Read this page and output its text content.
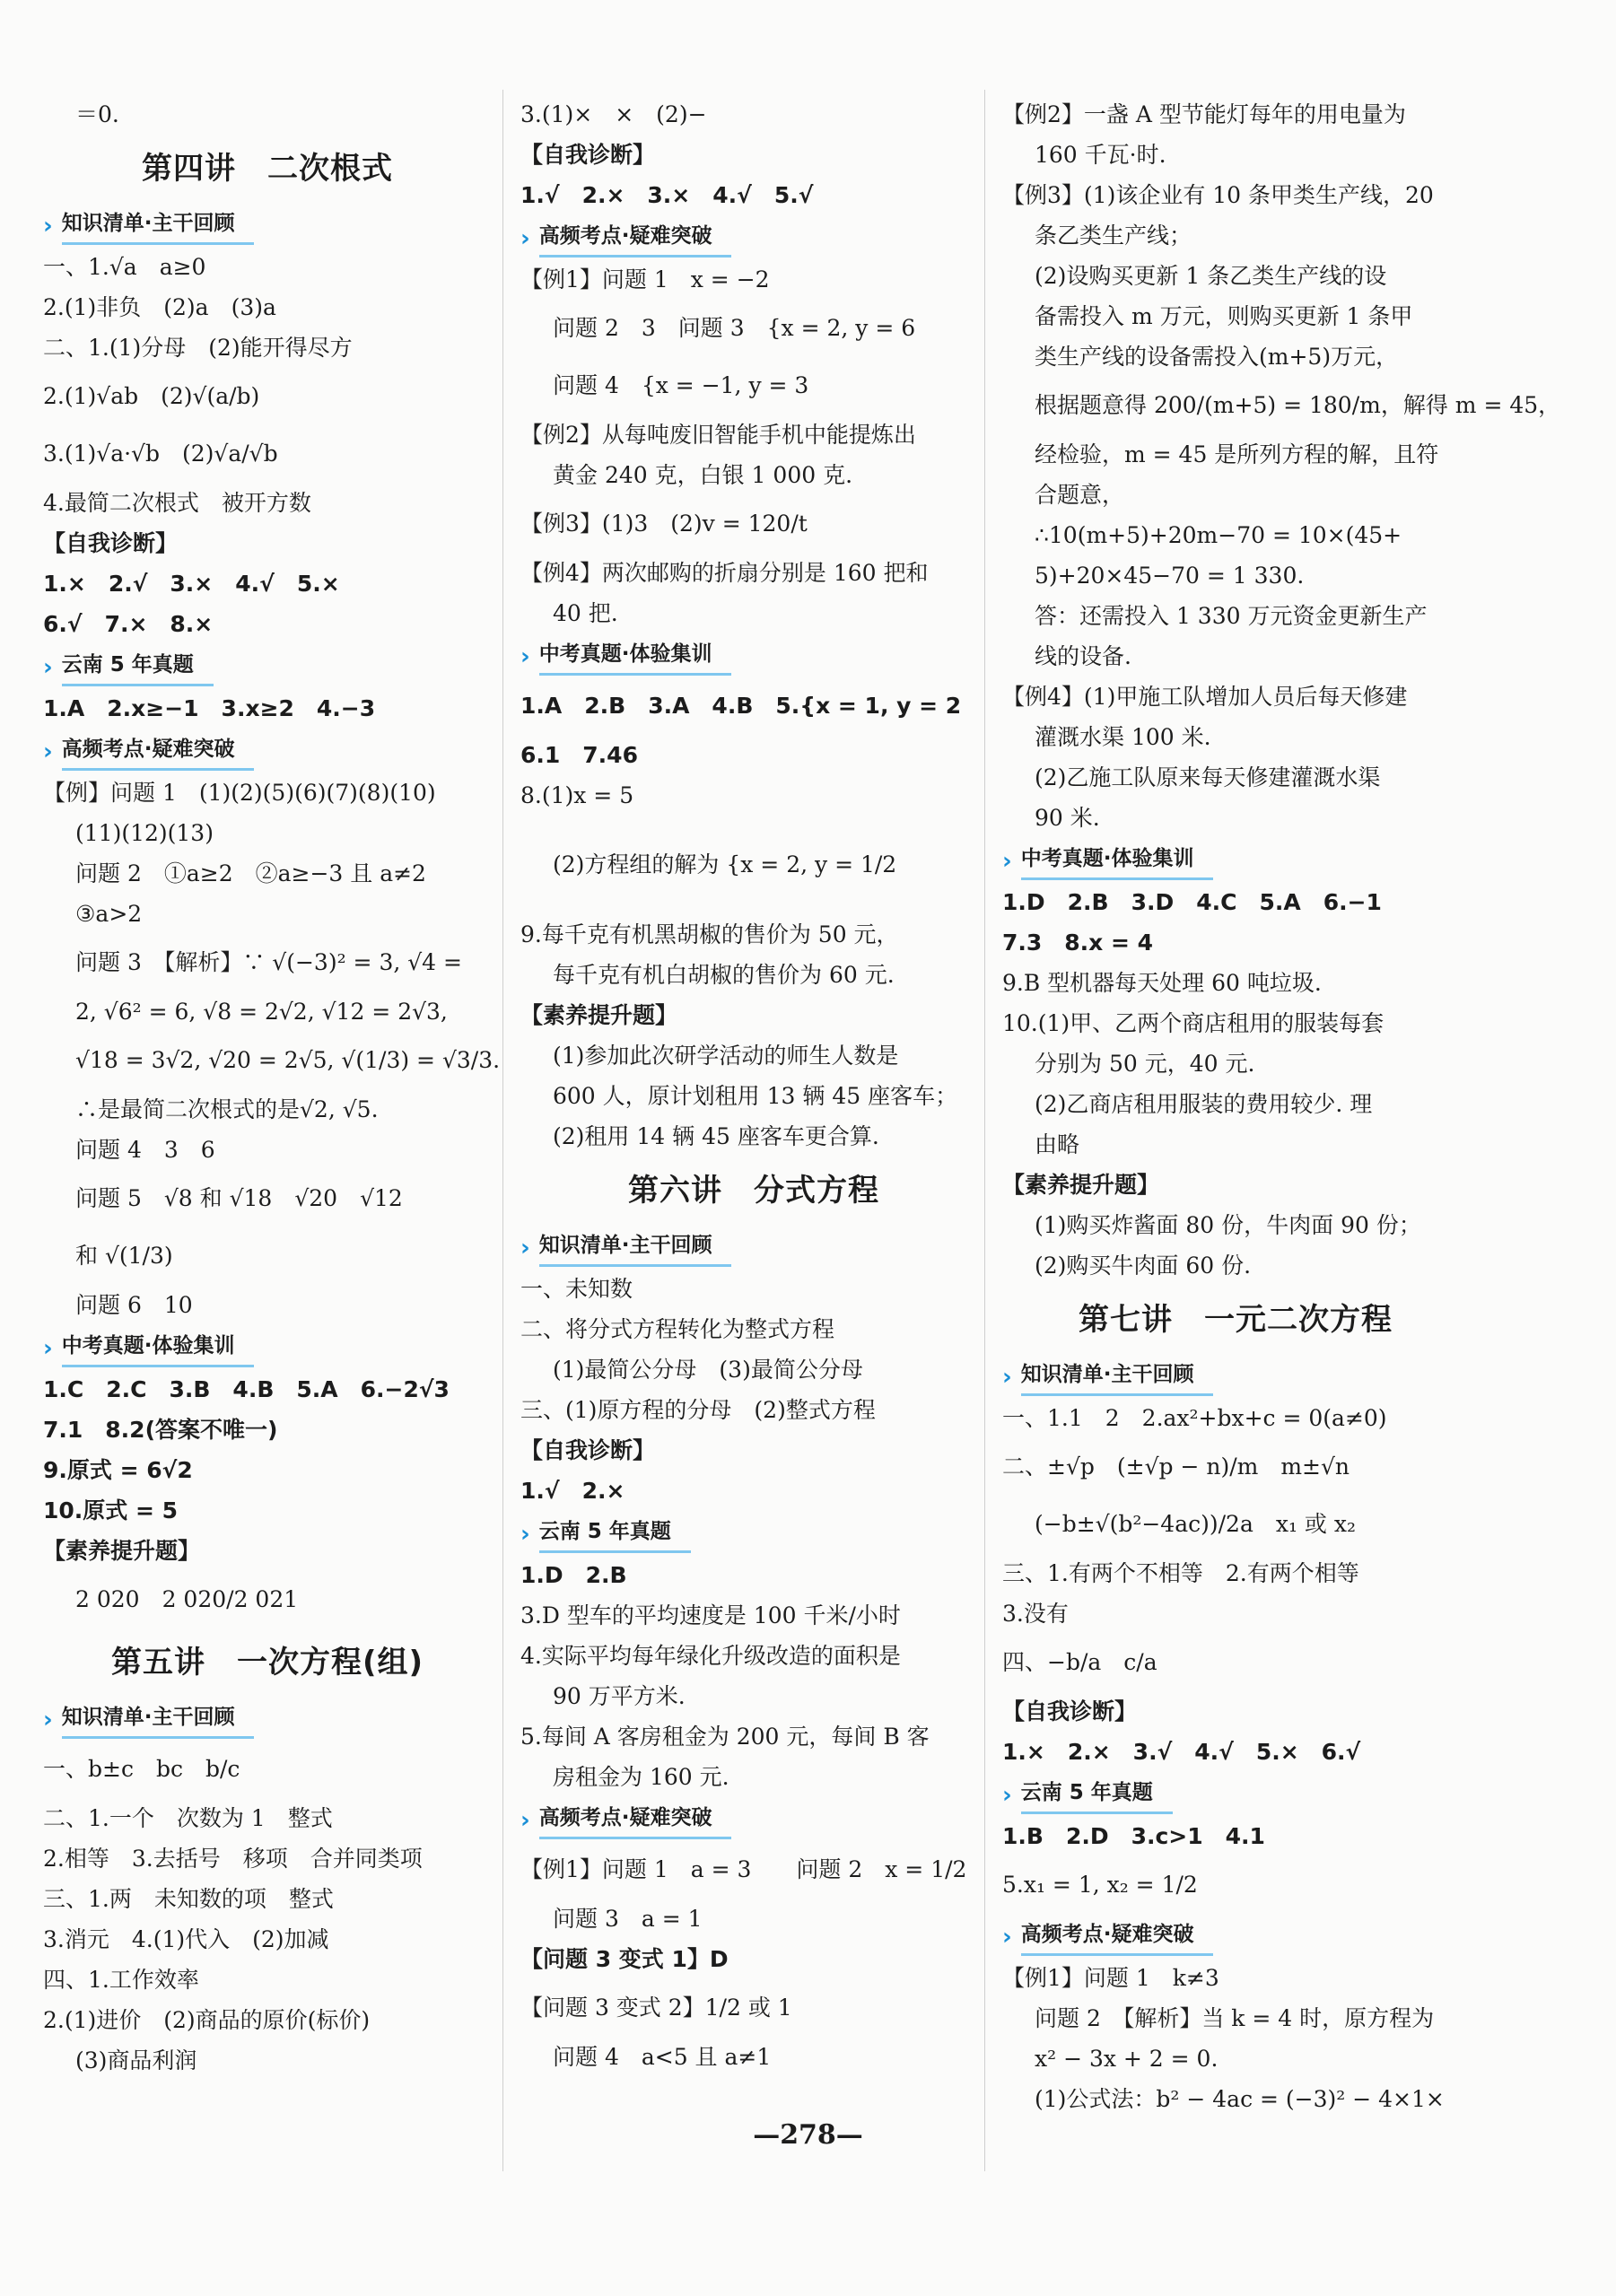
＝0.
第四讲　二次根式
› 知识清单·主干回顾
一、1.√a　a≥0
2.(1)非负　(2)a　(3)a
二、1.(1)分母　(2)能开得尽方
2.(1)√ab　(2)√(a/b)
3.(1)√a·√b　(2)√a/√b
4.最简二次根式　被开方数
【自我诊断】
1.×　2.√　3.×　4.√　5.×
6.√　7.×　8.×
› 云南 5 年真题
1.A　2.x≥−1　3.x≥2　4.−3
› 高频考点·疑难突破
【例】问题 1　(1)(2)(5)(6)(7)(8)(10)
(11)(12)(13)
问题 2　①a≥2　②a≥−3 且 a≠2
③a>2
问题 3　【解析】∵ √(−3)² = 3, √4 =
2, √6² = 6, √8 = 2√2, √12 = 2√3,
√18 = 3√2, √20 = 2√5, √(1/3) = √3/3.
∴是最简二次根式的是√2, √5.
问题 4　3　6
问题 5　√8 和 √18　√20　√12
和 √(1/3)
问题 6　10
› 中考真题·体验集训
1.C　2.C　3.B　4.B　5.A　6.−2√3
7.1　8.2(答案不唯一)
9.原式 = 6√2
10.原式 = 5
【素养提升题】
2 020　2 020/2 021
第五讲　一次方程(组)
› 知识清单·主干回顾
一、b±c　bc　b/c
二、1.一个　次数为 1　整式
2.相等　3.去括号　移项　合并同类项
三、1.两　未知数的项　整式
3.消元　4.(1)代入　(2)加减
四、1.工作效率
2.(1)进价　(2)商品的原价(标价)
(3)商品利润
3.(1)×　×　(2)−
【自我诊断】
1.√　2.×　3.×　4.√　5.√
› 高频考点·疑难突破
【例1】问题 1　x = −2
问题 2　3　问题 3　{x = 2, y = 6
问题 4　{x = −1, y = 3
【例2】从每吨废旧智能手机中能提炼出
黄金 240 克，白银 1 000 克.
【例3】(1)3　(2)v = 120/t
【例4】两次邮购的折扇分别是 160 把和
40 把.
› 中考真题·体验集训
1.A　2.B　3.A　4.B　5.{x = 1, y = 2
6.1　7.46
8.(1)x = 5
(2)方程组的解为 {x = 2, y = 1/2
9.每千克有机黑胡椒的售价为 50 元，
每千克有机白胡椒的售价为 60 元.
【素养提升题】
(1)参加此次研学活动的师生人数是
600 人，原计划租用 13 辆 45 座客车；
(2)租用 14 辆 45 座客车更合算.
第六讲　分式方程
› 知识清单·主干回顾
一、未知数
二、将分式方程转化为整式方程
(1)最简公分母　(3)最简公分母
三、(1)原方程的分母　(2)整式方程
【自我诊断】
1.√　2.×
› 云南 5 年真题
1.D　2.B
3.D 型车的平均速度是 100 千米/小时
4.实际平均每年绿化升级改造的面积是
90 万平方米.
5.每间 A 客房租金为 200 元，每间 B 客
房租金为 160 元.
› 高频考点·疑难突破
【例1】问题 1　a = 3　　问题 2　x = 1/2
问题 3　a = 1
【问题 3 变式 1】D
【问题 3 变式 2】1/2 或 1
问题 4　a<5 且 a≠1
【例2】一盏 A 型节能灯每年的用电量为
160 千瓦·时.
【例3】(1)该企业有 10 条甲类生产线，20
条乙类生产线；
(2)设购买更新 1 条乙类生产线的设
备需投入 m 万元，则购买更新 1 条甲
类生产线的设备需投入(m+5)万元，
根据题意得 200/(m+5) = 180/m，解得 m = 45，
经检验，m = 45 是所列方程的解，且符
合题意，
∴10(m+5)+20m−70 = 10×(45+
5)+20×45−70 = 1 330.
答：还需投入 1 330 万元资金更新生产
线的设备.
【例4】(1)甲施工队增加人员后每天修建
灌溉水渠 100 米.
(2)乙施工队原来每天修建灌溉水渠
90 米.
› 中考真题·体验集训
1.D　2.B　3.D　4.C　5.A　6.−1
7.3　8.x = 4
9.B 型机器每天处理 60 吨垃圾.
10.(1)甲、乙两个商店租用的服装每套
分别为 50 元，40 元.
(2)乙商店租用服装的费用较少. 理
由略
【素养提升题】
(1)购买炸酱面 80 份，牛肉面 90 份；
(2)购买牛肉面 60 份.
第七讲　一元二次方程
› 知识清单·主干回顾
一、1.1　2　2.ax²+bx+c = 0(a≠0)
二、±√p　(±√p − n)/m　m±√n
(−b±√(b²−4ac))/2a　x₁ 或 x₂
三、1.有两个不相等　2.有两个相等
3.没有
四、−b/a　c/a
【自我诊断】
1.×　2.×　3.√　4.√　5.×　6.√
› 云南 5 年真题
1.B　2.D　3.c>1　4.1
5.x₁ = 1, x₂ = 1/2
› 高频考点·疑难突破
【例1】问题 1　k≠3
问题 2　【解析】当 k = 4 时，原方程为
x² − 3x + 2 = 0.
(1)公式法：b² − 4ac = (−3)² − 4×1×
—278—
